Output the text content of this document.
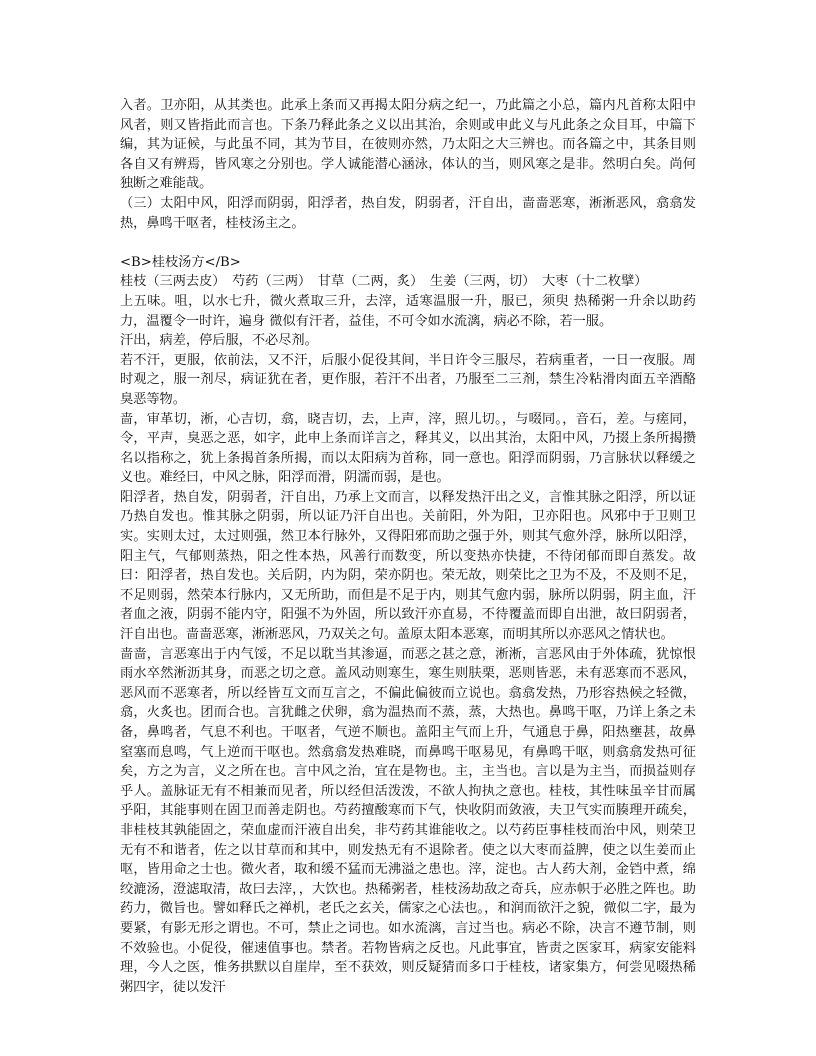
入者。卫亦阳，从其类也。此承上条而又再揭太阳分病之纪一，乃此篇之小总，篇内凡首称太阳中风者，则又皆指此而言也。下条乃释此条之义以出其治，余则或申此义与凡此条之众目耳，中篇下编，其为证候，与此虽不同，其为节目，在彼则亦然，乃太阳之大三辨也。而各篇之中，其条目则各自又有辨焉，皆风寒之分别也。学人诚能潜心涵泳，体认的当，则风寒之是非。然明白矣。尚何独断之难能哉。

（三）太阳中风，阳浮而阴弱，阳浮者，热自发，阴弱者，汗自出，啬啬恶寒，淅淅恶风，翕翕发热，鼻鸣干呕者，桂枝汤主之。

<B>桂枝汤方</B>

桂枝（三两去皮）　芍药（三两）　甘草（二两，炙）　生姜（三两，切）　大枣（十二枚擘）

上五味。咀，以水七升，微火煮取三升，去滓，适寒温服一升，服已，须臾 热稀粥一升余以助药力，温覆令一时许，遍身 微似有汗者，益佳，不可令如水流漓，病必不除，若一服。

汗出，病差，停后服，不必尽剂。

若不汗，更服，依前法，又不汗，后服小促役其间，半日许令三服尽，若病重者，一日一夜服。周时观之，服一剂尽，病证犹在者，更作服，若汗不出者，乃服至二三剂，禁生冷粘滑肉面五辛酒酪臭恶等物。

啬，审革切，淅，心吉切，翕，晓吉切，去，上声，滓，照儿切。，与啜同。，音石，差。与瘥同，令，平声，臭恶之恶，如字，此申上条而详言之，释其义，以出其治，太阳中风，乃掇上条所揭攒名以指称之，犹上条揭首条所揭，而以太阳病为首称，同一意也。阳浮而阴弱，乃言脉状以释缓之义也。难经曰，中风之脉，阳浮而滑，阴濡而弱，是也。

阳浮者，热自发，阴弱者，汗自出，乃承上文而言，以释发热汗出之义，言惟其脉之阳浮，所以证乃热自发也。惟其脉之阴弱，所以证乃汗自出也。关前阳，外为阳，卫亦阳也。风邪中于卫则卫实。实则太过，太过则强，然卫本行脉外，又得阳邪而助之强于外，则其气愈外浮，脉所以阳浮，阳主气，气郁则蒸热，阳之性本热，风善行而数变，所以变热亦快捷，不待闭郁而即自蒸发。故曰：阳浮者，热自发也。关后阴，内为阴，荣亦阴也。荣无故，则荣比之卫为不及，不及则不足，不足则弱，然荣本行脉内，又无所助，而但是不足于内，则其气愈内弱，脉所以阴弱，阴主血，汗者血之液，阴弱不能内守，阳强不为外固，所以致汗亦直易，不待覆盖而即自出泄，故曰阴弱者，汗自出也。啬啬恶寒，淅淅恶风，乃双关之句。盖原太阳本恶寒，而明其所以亦恶风之情状也。

啬啬，言恶寒出于内气馁，不足以耽当其渗逼，而恶之甚之意，淅淅，言恶风由于外体疏，犹惊恨雨水卒然淅沥其身，而恶之切之意。盖风动则寒生，寒生则肤栗，恶则皆恶，未有恶寒而不恶风，恶风而不恶寒者，所以经皆互文而互言之，不偏此偏彼而立说也。翕翕发热，乃形容热候之轻微，翕，火炙也。团而合也。言犹雌之伏卵，翕为温热而不蒸，蒸，大热也。鼻鸣干呕，乃详上条之未备，鼻鸣者，气息不利也。干呕者，气逆不顺也。盖阳主气而上升，气通息于鼻，阳热壅甚，故鼻窒塞而息鸣，气上逆而干呕也。然翕翕发热难晓，而鼻鸣干呕易见，有鼻鸣干呕，则翕翕发热可征矣，方之为言，义之所在也。言中风之治，宜在是物也。主，主当也。言以是为主当，而损益则存乎人。盖脉证无有不相兼而见者，所以经但活泼泼，不欲人拘执之意也。桂枝，其性味虽辛甘而属乎阳，其能事则在固卫而善走阴也。芍药擅酸寒而下气，快收阴而敛液，夫卫气实而腠理开疏矣，非桂枝其孰能固之，荣血虚而汗液自出矣，非芍药其谁能收之。以芍药臣事桂枝而治中风，则荣卫无有不和谐者，佐之以甘草而和其中，则发热无有不退除者。使之以大枣而益脾，使之以生姜而止呕，皆用命之士也。微火者，取和缓不猛而无沸溢之患也。滓，淀也。古人药大剂，金铛中煮，绵绞漉汤，澄滤取清，故曰去滓，，大饮也。热稀粥者，桂枝汤劫敌之奇兵，应赤帜于必胜之阵也。助药力，微旨也。譬如释氏之禅机，老氏之玄关，儒家之心法也。，和润而欲汗之貌，微似二字，最为要紧，有影无形之谓也。不可，禁止之词也。如水流漓，言过当也。病必不除，决言不遵节制，则不效验也。小促役，催速值事也。禁者。若物皆病之反也。凡此事宜，皆责之医家耳，病家安能料理，今人之医，惟务拱默以自崖岸，至不获效，则反疑猜而多口于桂枝，诸家集方，何尝见啜热稀粥四字，徒以发汗
